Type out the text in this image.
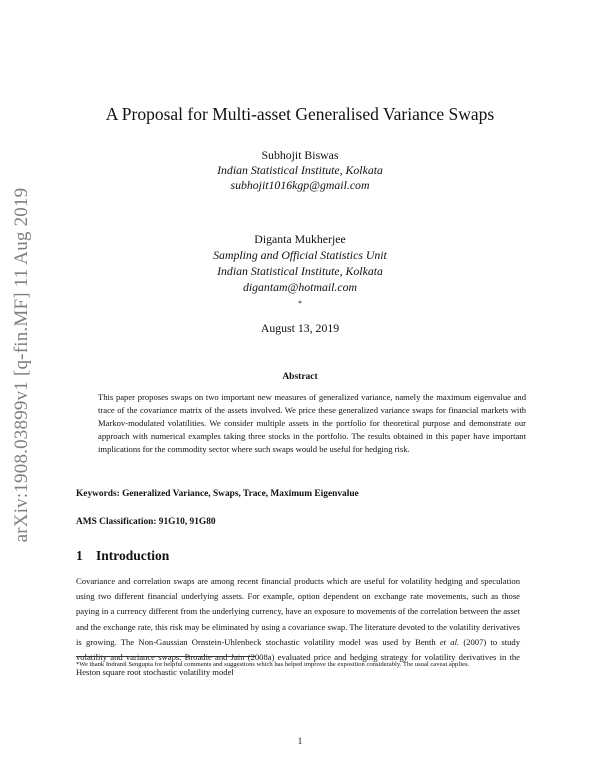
arXiv:1908.03899v1 [q-fin.MF] 11 Aug 2019
A Proposal for Multi-asset Generalised Variance Swaps
Subhojit Biswas
Indian Statistical Institute, Kolkata
subhojit1016kgp@gmail.com
Diganta Mukherjee
Sampling and Official Statistics Unit
Indian Statistical Institute, Kolkata
digantam@hotmail.com
*
August 13, 2019
Abstract

This paper proposes swaps on two important new measures of generalized variance, namely the maximum eigenvalue and trace of the covariance matrix of the assets involved. We price these generalized variance swaps for financial markets with Markov-modulated volatilities. We consider multiple assets in the portfolio for theoretical purpose and demonstrate our approach with numerical examples taking three stocks in the portfolio. The results obtained in this paper have important implications for the commodity sector where such swaps would be useful for hedging risk.

Keywords: Generalized Variance, Swaps, Trace, Maximum Eigenvalue
AMS Classification: 91G10, 91G80
1 Introduction

Covariance and correlation swaps are among recent financial products which are useful for volatility hedging and speculation using two different financial underlying assets. For example, option dependent on exchange rate movements, such as those paying in a currency different from the underlying currency, have an exposure to movements of the correlation between the asset and the exchange rate, this risk may be eliminated by using a covariance swap. The literature devoted to the volatility derivatives is growing. The Non-Gaussian Ornstein-Uhlenbeck stochastic volatility model was used by Benth et al. (2007) to study volatility and variance swaps. Broadie and Jain (2008a) evaluated price and hedging strategy for volatility derivatives in the Heston square root stochastic volatility model

*We thank Indranil Sengupta for helpful comments and suggestions which has helped improve the exposition considerably. The usual caveat applies.

1
